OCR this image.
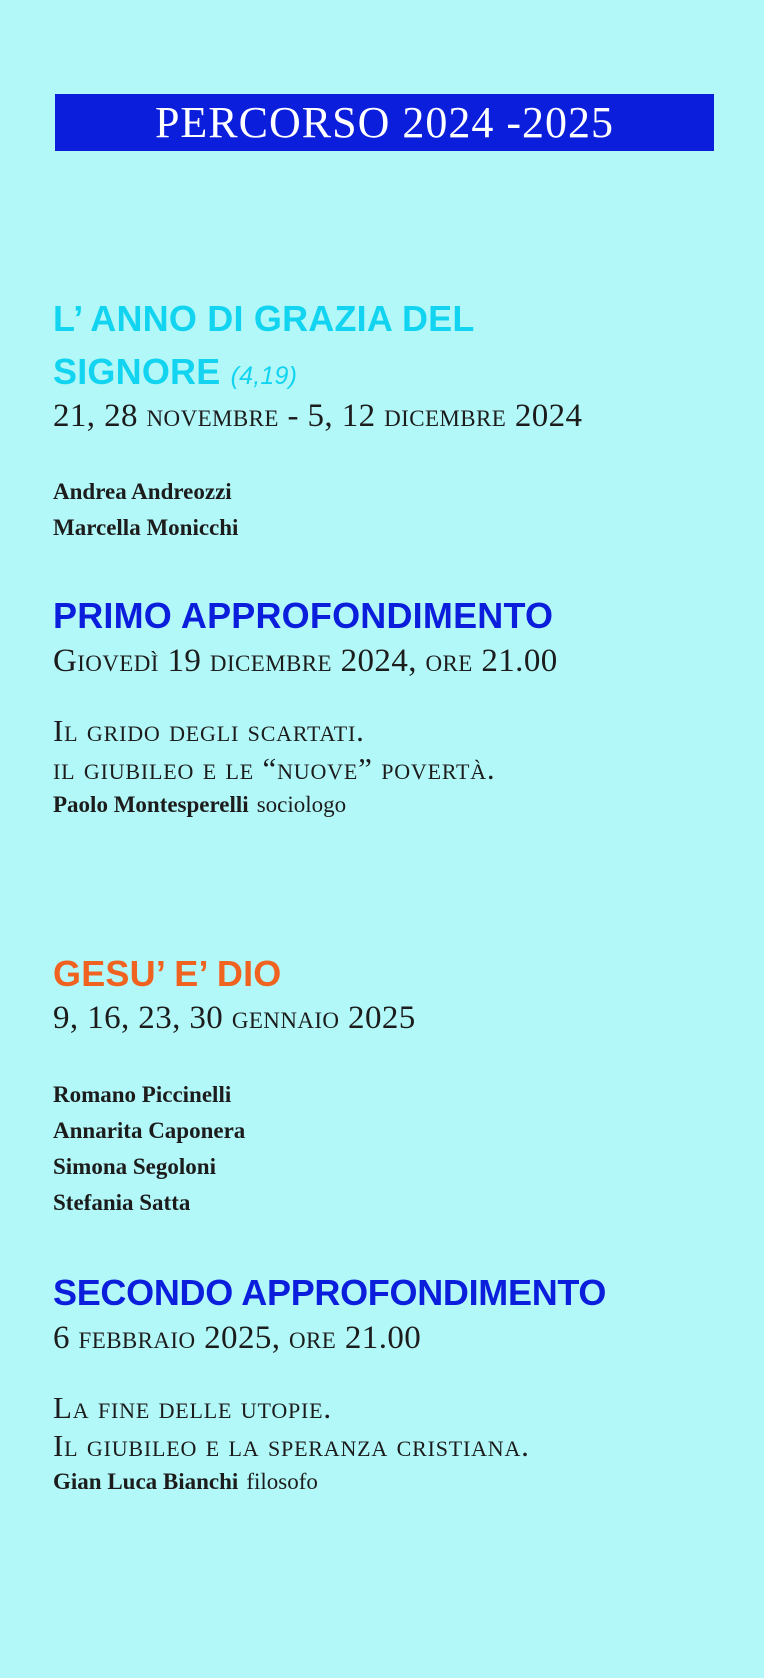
PERCORSO 2024 -2025
L’ ANNO DI GRAZIA DEL
SIGNORE (4,19)
21, 28 novembre - 5, 12 dicembre 2024
Andrea Andreozzi
Marcella Monicchi
PRIMO APPROFONDIMENTO
Giovedì 19 dicembre 2024, ore 21.00
Il grido degli scartati.
il giubileo e le “nuove” povertà.
Paolo Montesperelli sociologo
GESU’ E’ DIO
9, 16, 23, 30 gennaio 2025
Romano Piccinelli
Annarita Caponera
Simona Segoloni
Stefania Satta
SECONDO APPROFONDIMENTO
6 febbraio 2025, ore 21.00
La fine delle utopie.
Il giubileo e la speranza cristiana.
Gian Luca Bianchi filosofo
